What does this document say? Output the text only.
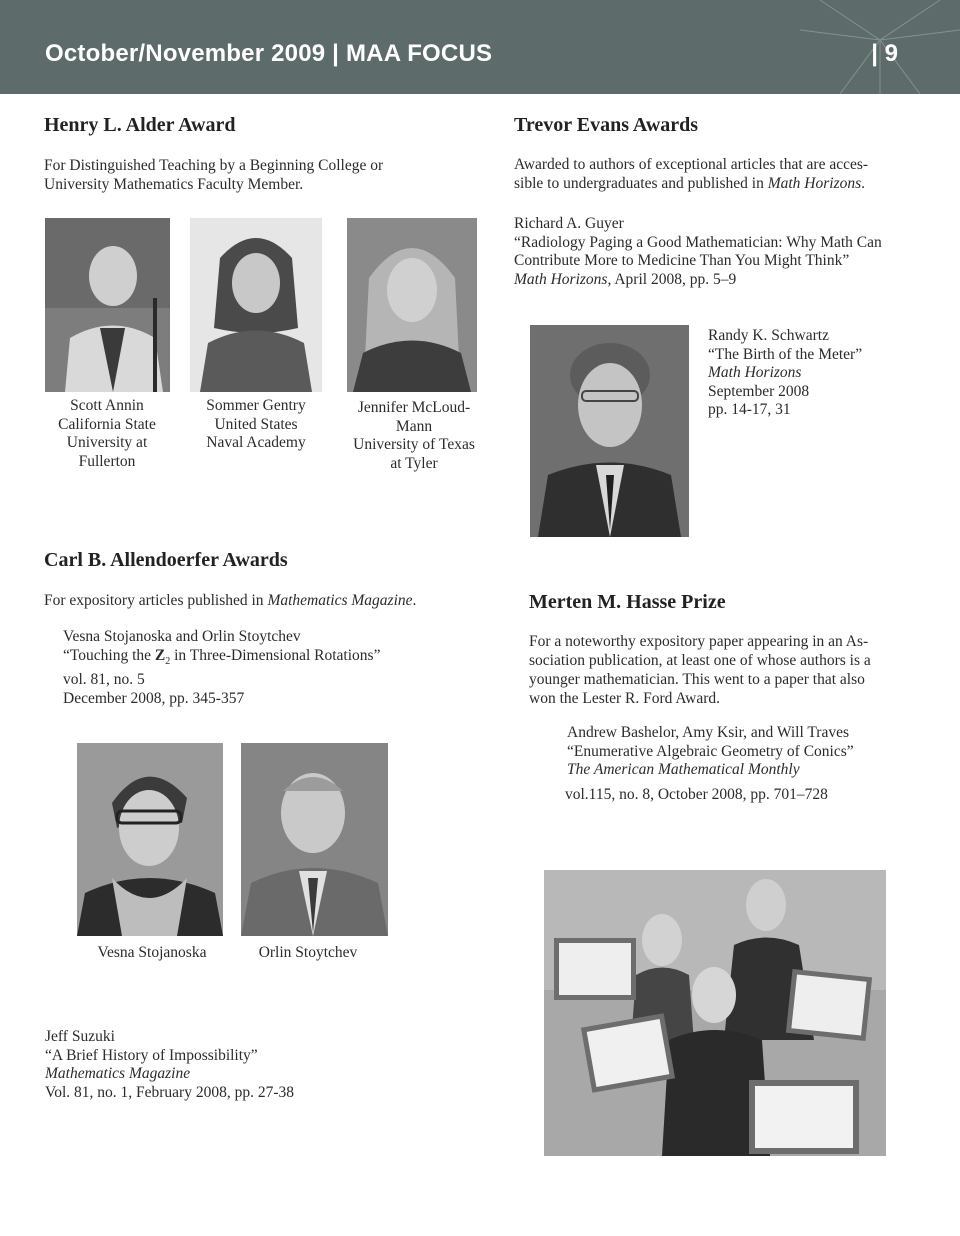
October/November 2009 | MAA FOCUS	| 9
Henry L. Alder Award
For Distinguished Teaching by a Beginning College or
University Mathematics Faculty Member.
Scott Annin
California State
University at
Fullerton
Sommer Gentry
United States
Naval Academy
Jennifer McLoud-
Mann
University of Texas
at Tyler
Trevor Evans Awards
Awarded to authors of exceptional articles that are acces-
sible to undergraduates and published in Math Horizons.
Richard A. Guyer
“Radiology Paging a Good Mathematician: Why Math Can
Contribute More to Medicine Than You Might Think”
Math Horizons, April 2008, pp. 5–9
Randy K. Schwartz
“The Birth of the Meter”
Math Horizons
September 2008
pp. 14-17, 31
Carl B. Allendoerfer Awards
For expository articles published in Mathematics Magazine.
Vesna Stojanoska and Orlin Stoytchev
“Touching the $Z_2$ in Three-Dimensional Rotations”
vol. 81, no. 5
December 2008, pp. 345-357
Vesna Stojanoska	Orlin Stoytchev
Jeff Suzuki
“A Brief History of Impossibility”
Mathematics Magazine
Vol. 81, no. 1, February 2008, pp. 27-38
Merten M. Hasse Prize
For a noteworthy expository paper appearing in an As-
sociation publication, at least one of whose authors is a
younger mathematician. This went to a paper that also
won the Lester R. Ford Award.
Andrew Bashelor, Amy Ksir, and Will Traves
“Enumerative Algebraic Geometry of Conics”
The American Mathematical Monthly
vol.115, no. 8, October 2008, pp. 701–728
